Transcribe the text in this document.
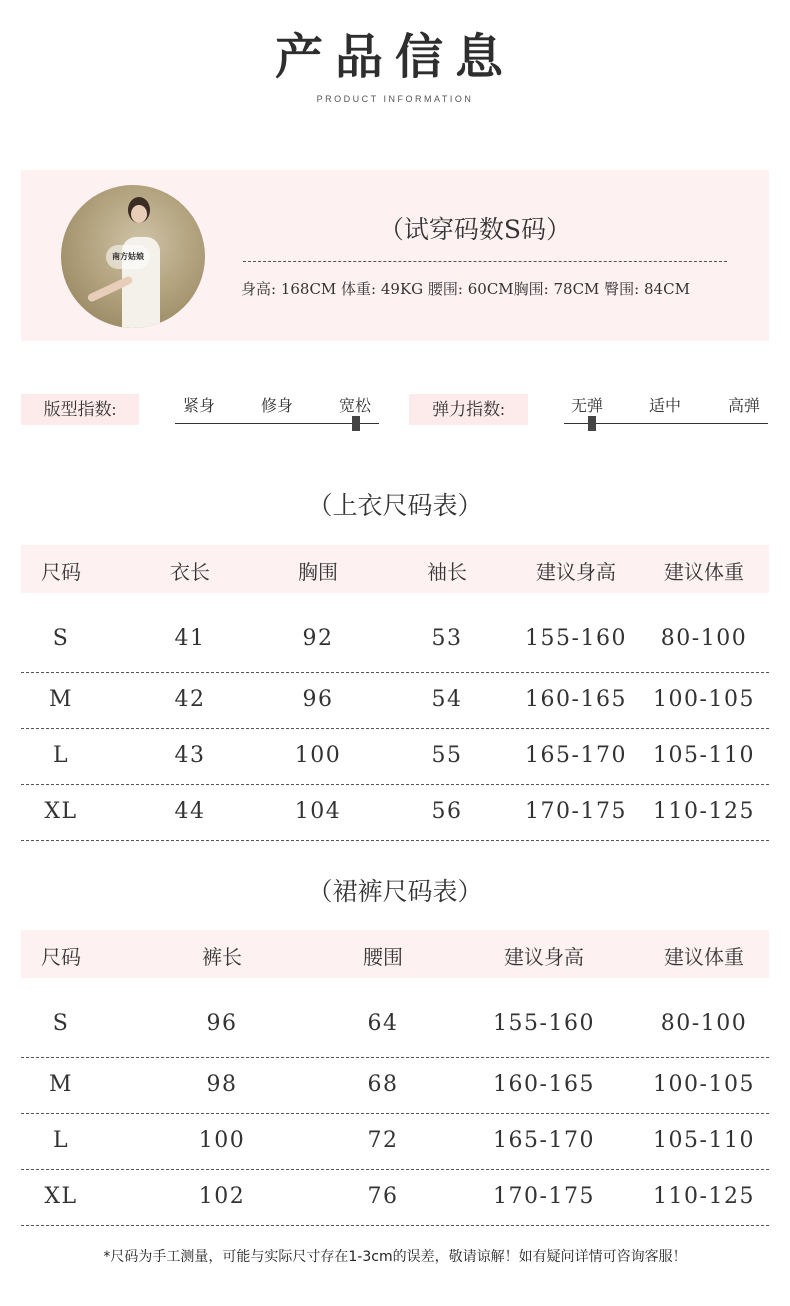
产品信息
PRODUCT INFORMATION
南方姑娘
（试穿码数S码）
身高: 168CM 体重: 49KG 腰围: 60CM胸围: 78CM 臀围: 84CM
版型指数:	紧身	修身	宽松	弹力指数:	无弹	适中	高弹
（上衣尺码表）
尺码	衣长	胸围	袖长	建议身高 建议体重
S	41	92	53	155-160 80-100
M	42	96	54	160-165 100-105
L	43	100	55	165-170 105-110
XL	44	104	56	170-175 110-125
（裙裤尺码表）
尺码	裤长	腰围	建议身高	建议体重
S	96	64	155-160	80-100
M	98	68	160-165	100-105
L	100	72	165-170	105-110
XL	102	76	170-175	110-125
*尺码为手工测量，可能与实际尺寸存在1-3cm的误差，敬请谅解！如有疑问详情可咨询客服！
